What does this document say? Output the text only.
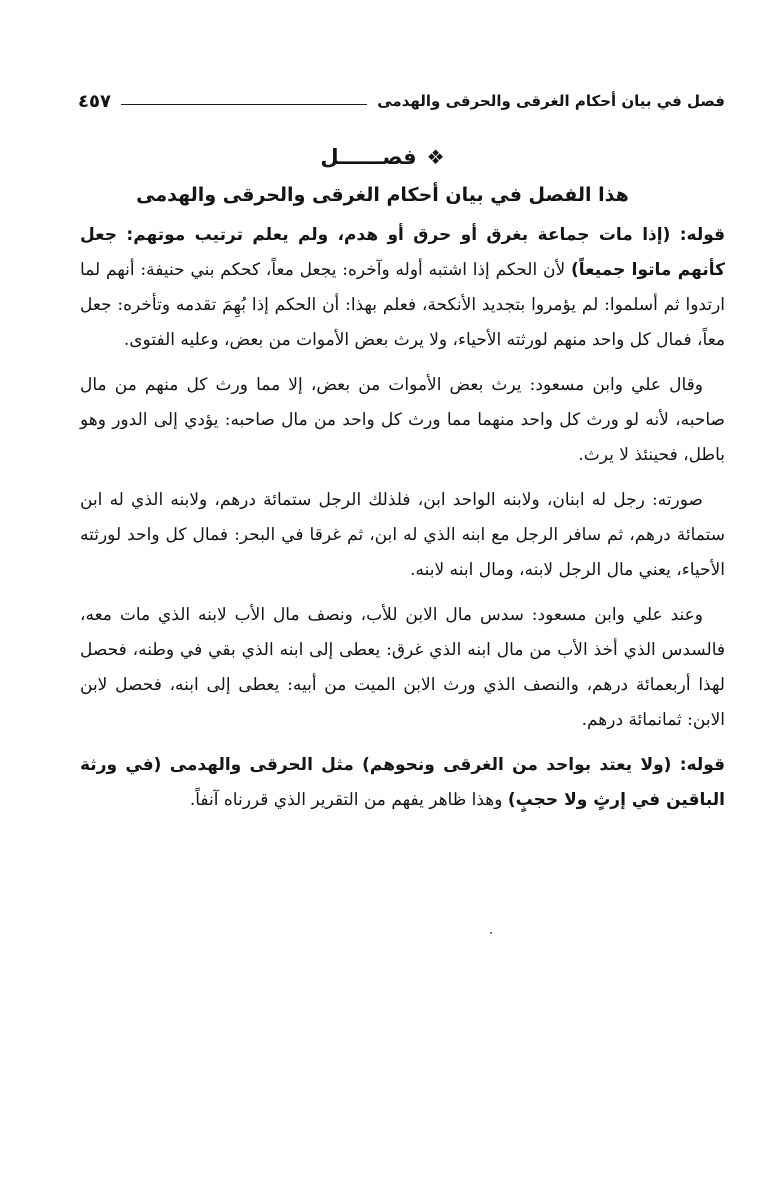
فصل في بيان أحكام الغرقى والحرقى والهدمى
٤٥٧
❖
فصــــــل
هذا الفصل في بيان أحكام الغرقى والحرقى والهدمى

قوله: (إذا مات جماعة بغرق أو حرق أو هدم، ولم يعلم ترتيب موتهم: جعل كأنهم ماتوا جميعاً) لأن الحكم إذا اشتبه أوله وآخره: يجعل معاً، كحكم بني حنيفة: أنهم لما ارتدوا ثم أسلموا: لم يؤمروا بتجديد الأنكحة، فعلم بهذا: أن الحكم إذا بُهِمَ تقدمه وتأخره: جعل معاً، فمال كل واحد منهم لورثته الأحياء، ولا يرث بعض الأموات من بعض، وعليه الفتوى.

وقال علي وابن مسعود: يرث بعض الأموات من بعض، إلا مما ورث كل منهم من مال صاحبه، لأنه لو ورث كل واحد منهما مما ورث كل واحد من مال صاحبه: يؤدي إلى الدور وهو باطل، فحينئذ لا يرث.

صورته: رجل له ابنان، ولابنه الواحد ابن، فلذلك الرجل ستمائة درهم، ولابنه الذي له ابن ستمائة درهم، ثم سافر الرجل مع ابنه الذي له ابن، ثم غرقا في البحر: فمال كل واحد لورثته الأحياء، يعني مال الرجل لابنه، ومال ابنه لابنه.

وعند علي وابن مسعود: سدس مال الابن للأب، ونصف مال الأب لابنه الذي مات معه، فالسدس الذي أخذ الأب من مال ابنه الذي غرق: يعطى إلى ابنه الذي بقي في وطنه، فحصل لهذا أربعمائة درهم، والنصف الذي ورث الابن الميت من أبيه: يعطى إلى ابنه، فحصل لابن الابن: ثمانمائة درهم.

قوله: (ولا يعتد بواحد من الغرقى ونحوهم) مثل الحرقى والهدمى (في ورثة الباقين في إرثٍ ولا حجبٍ) وهذا ظاهر يفهم من التقرير الذي قررناه آنفاً.
